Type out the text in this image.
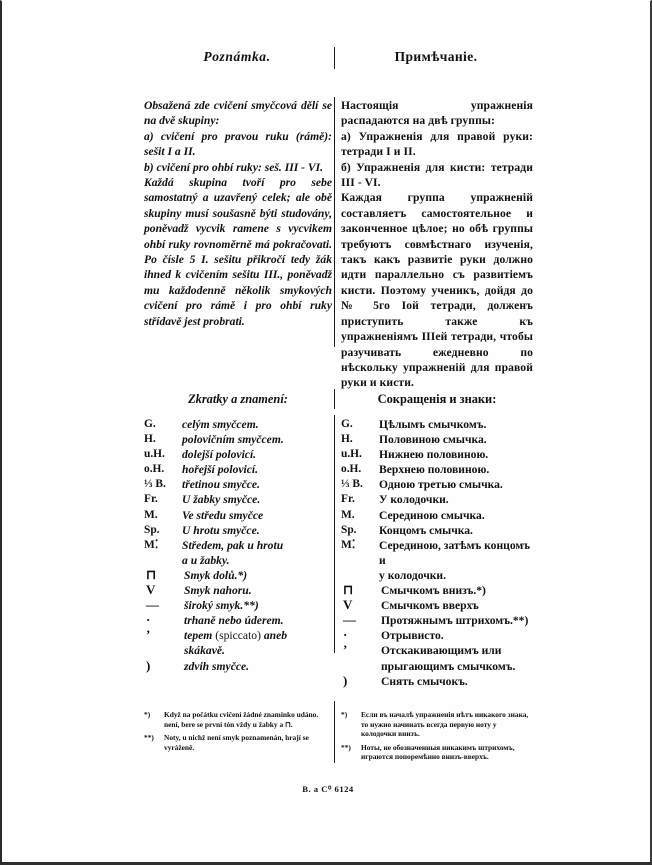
Poznámka.	Примѣчаніе.

Obsažená zde cvičení smyčcová dělí se na dvě skupiny:

a) cvičení pro pravou ruku (rámě): sešit I a II.

b) cvičení pro ohbí ruky: seš. III - VI.

Každá skupina tvoří pro sebe samostatný a uzavřený celek; ale obě skupiny musí soušasně býti studovány, poněvadž vycvik ramene s vycvikem ohbí ruky rovnoměrně má pokračovati. Po čísle 5 I. sešitu přikročí tedy žák ihned k cvičením sešitu III., poněvadž mu každodenně několik smykových cvičení pro rámě i pro ohbí ruky střídavě jest probrati.

Настоящія упражненія распадаются на двѣ группы:

а) Упражненія для правой руки: тетради I и II.

б) Упражненія для кисти: тетради III - VI.

Каждая группа упражненій составляетъ самостоятельное и законченное цѣлое; но обѣ группы требуютъ совмѣстнаго изученія, такъ какъ развитіе руки должно идти параллельно съ развитіемъ кисти. Поэтому ученикъ, дойдя до № 5го Iой тетради, долженъ приступить также къ упражненіямъ IIIей тетради, чтобы разучивать ежедневно по нѣскольку упражненій для правой руки и кисти.

Zkratky a znamení:	Сокращенія и знаки:
G.	celým smyčcem.
H.	polovičním smyčcem.
u.H.	dolejší polovicí.
o.H.	hořejší polovicí.
⅓ B.	třetinou smyčce.
Fr.	U žabky smyčce.
M.	Ve středu smyčce
Sp.	U hrotu smyčce.
M⁚	Středem, pak u hrotu
a u žabky.
⊓	Smyk dolů.*)
V	Smyk nahoru.
—	široký smyk.**)
·	trhaně nebo úderem.
ʼ	tepem (spiccato) aneb
skákavě.
)	zdvih smyčce.
G.	Цѣлымъ смычкомъ.
H.	Половиною смычка.
u.H.	Нижнею половиною.
o.H.	Верхнею половиною.
⅓ B.	Одною третью смычка.
Fr.	У колодочки.
M.	Серединою смычка.
Sp.	Концомъ смычка.
M⁚	Серединою, затѣмъ концомъ и
у колодочки.
⊓	Смычкомъ внизъ.*)
V	Смычкомъ вверхъ
—	Протяжнымъ штрихомъ.**)
·	Отрывисто.
ʼ	Отскакивающимъ или
прыгающимъ смычкомъ.
)	Снять смычокъ.
*)	Když na počátku cvičení žádné znaminko udáno. není, bere se první tón vždy u žabky a ⊓.
**)	Noty, u nichž není smyk poznamenán, hrají se vyráženě.
*)	Если въ началѣ упражненія нѣтъ никакого знака, то нужно начинать всегда первую ноту у колодочки внизъ.
**)	Ноты, не обозначенныя никакимъ штрихомъ, играются попоремѣнно внизъ-вверхъ.
B. a C⁰ 6124
